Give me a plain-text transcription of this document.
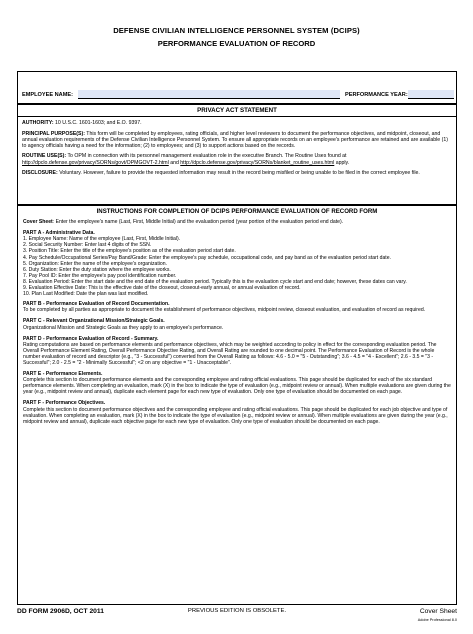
DEFENSE CIVILIAN INTELLIGENCE PERSONNEL SYSTEM (DCIPS)
PERFORMANCE EVALUATION OF RECORD
EMPLOYEE NAME:	PERFORMANCE YEAR:
PRIVACY ACT STATEMENT

AUTHORITY: 10 U.S.C. 1601-1603; and E.O. 9397.

PRINCIPAL PURPOSE(S): This form will be completed by employees, rating officials, and higher level reviewers to document the performance objectives, and midpoint, closeout, and annual evaluation requirements of the Defense Civilian Intelligence Personnel System. To ensure all appropriate records on an employee's performance are retained and are available (1) to agency officials having a need for the information; (2) to employees; and (3) to support actions based on the records.

ROUTINE USE(S): To OPM in connection with its personnel management evaluation role in the executive Branch. The Routine Uses found at http://dpclo.defense.gov/privacy/SORNs/govt/OPMGOVT-2.html and http://dpclo.defense.gov/privacy/SORNs/blanket_routine_uses.html apply.

DISCLOSURE: Voluntary. However, failure to provide the requested information may result in the record being misfiled or being unable to be filed in the correct employee file.

INSTRUCTIONS FOR COMPLETION OF DCIPS PERFORMANCE EVALUATION OF RECORD FORM

Cover Sheet: Enter the employee's name (Last, First, Middle Initial) and the evaluation period (year portion of the evaluation period end date).

PART A - Administrative Data.
1. Employee Name: Name of the employee (Last, First, Middle Initial).
2. Social Security Number: Enter last 4 digits of the SSN.
3. Position Title: Enter the title of the employee's position as of the evaluation period start date.
4. Pay Schedule/Occupational Series/Pay Band/Grade: Enter the employee's pay schedule, occupational code, and pay band as of the evaluation period start date.
5. Organization: Enter the name of the employee's organization.
6. Duty Station: Enter the duty station where the employee works.
7. Pay Pool ID: Enter the employee's pay pool identification number.
8. Evaluation Period: Enter the start date and the end date of the evaluation period. Typically this is the evaluation cycle start and end date; however, these dates can vary.
9. Evaluation Effective Date: This is the effective date of the closeout, closeout-early annual, or annual evaluation of record.
10. Plan Last Modified: Date the plan was last modified.

PART B - Performance Evaluation of Record Documentation.
To be completed by all parties as appropriate to document the establishment of performance objectives, midpoint review, closeout evaluation, and evaluation of record as required.

PART C - Relevant Organizational Mission/Strategic Goals.
Organizational Mission and Strategic Goals as they apply to an employee's performance.

PART D - Performance Evaluation of Record - Summary.
Rating computations are based on performance elements and performance objectives, which may be weighted according to policy in effect for the corresponding evaluation period. The Overall Performance Element Rating, Overall Performance Objective Rating, and Overall Rating are rounded to one decimal point. The Performance Evaluation of Record is the whole number evaluation of record and descriptor (e.g., "3 - Successful") converted from the Overall Rating as follows: 4.6 - 5.0 = "5 - Outstanding"; 3.6 - 4.5 = "4 - Excellent"; 2.6 - 3.5 = "3 - Successful"; 2.0 - 2.5 = "2 - Minimally Successful"; <2 on any objective = "1 - Unacceptable".

PART E - Performance Elements.
Complete this section to document performance elements and the corresponding employee and rating official evaluations. This page should be duplicated for each of the six standard performance elements. When completing an evaluation, mark (X) in the box to indicate the type of evaluation (e.g., midpoint review or annual). When multiple evaluations are given during the year (e.g., midpoint review and annual), duplicate each element page for each new type of evaluation. Only one type of evaluation should be documented on each page.

PART F - Performance Objectives.
Complete this section to document performance objectives and the corresponding employee and rating official evaluations. This page should be duplicated for each job objective and type of evaluation. When completing an evaluation, mark (X) in the box to indicate the type of evaluation (e.g., midpoint review or annual). When multiple evaluations are given during the year (e.g., midpoint review and annual), duplicate each objective page for each new type of evaluation. Only one type of evaluation should be documented on each page.

DD FORM 2906D, OCT 2011	PREVIOUS EDITION IS OBSOLETE.	Cover Sheet
Adobe Professional 8.0
